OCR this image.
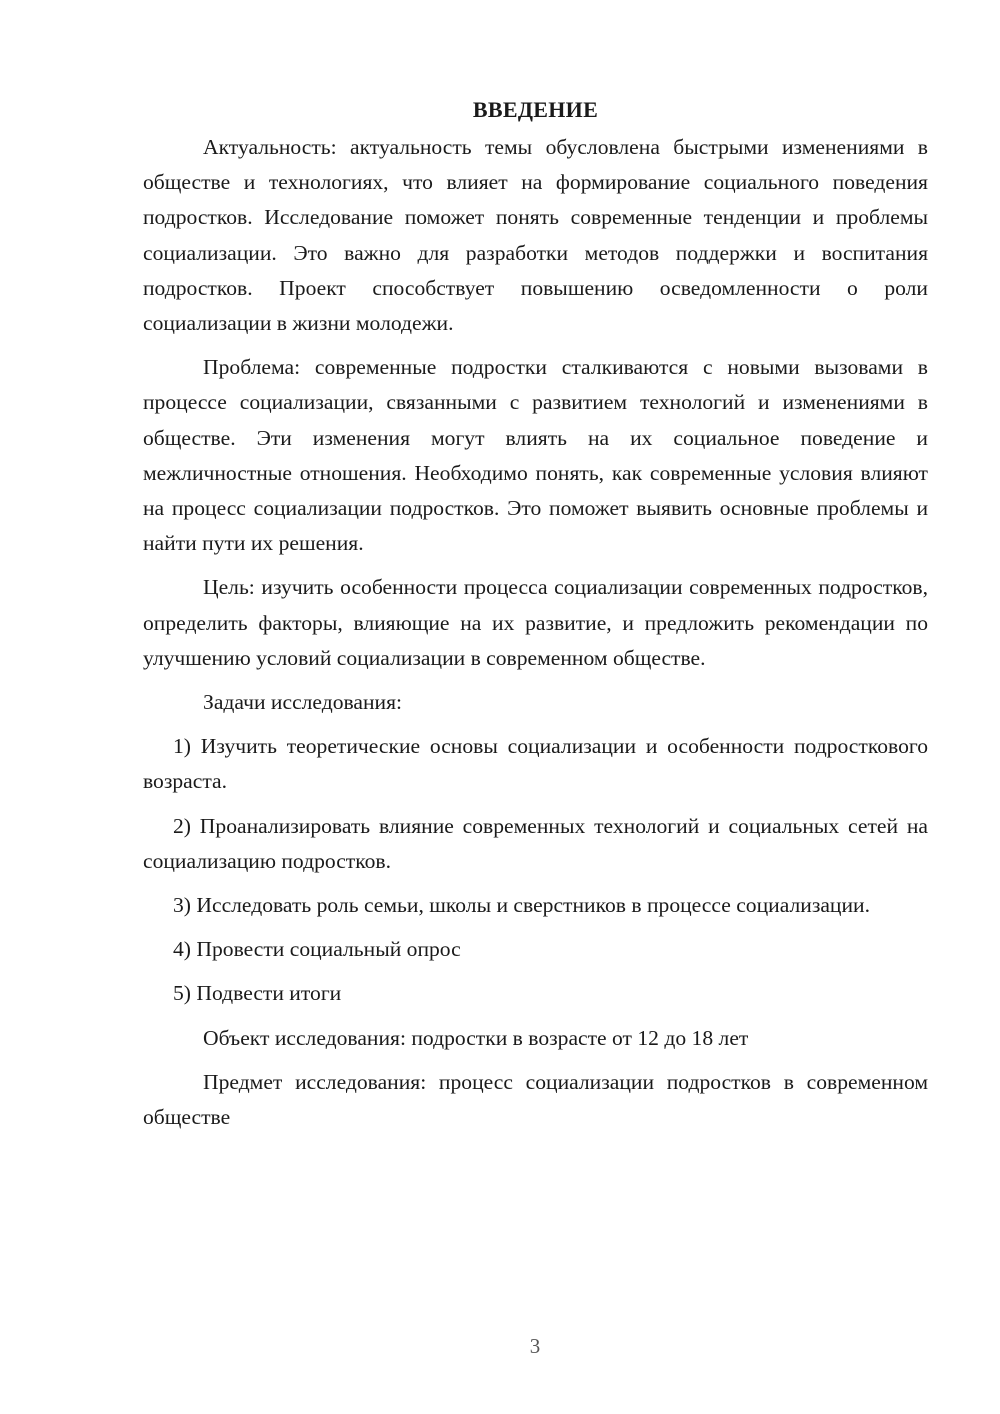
ВВЕДЕНИЕ

Актуальность: актуальность темы обусловлена быстрыми изменениями в обществе и технологиях, что влияет на формирование социального поведения подростков. Исследование поможет понять современные тенденции и проблемы социализации. Это важно для разработки методов поддержки и воспитания подростков. Проект способствует повышению осведомленности о роли социализации в жизни молодежи.

Проблема: современные подростки сталкиваются с новыми вызовами в процессе социализации, связанными с развитием технологий и изменениями в обществе. Эти изменения могут влиять на их социальное поведение и межличностные отношения. Необходимо понять, как современные условия влияют на процесс социализации подростков. Это поможет выявить основные проблемы и найти пути их решения.

Цель: изучить особенности процесса социализации современных подростков, определить факторы, влияющие на их развитие, и предложить рекомендации по улучшению условий социализации в современном обществе.

Задачи исследования:

1) Изучить теоретические основы социализации и особенности подросткового возраста.

2) Проанализировать влияние современных технологий и социальных сетей на социализацию подростков.

3) Исследовать роль семьи, школы и сверстников в процессе социализации.

4) Провести социальный опрос

5) Подвести итоги

Объект исследования: подростки в возрасте от 12 до 18 лет

Предмет исследования: процесс социализации подростков в современном обществе

3
